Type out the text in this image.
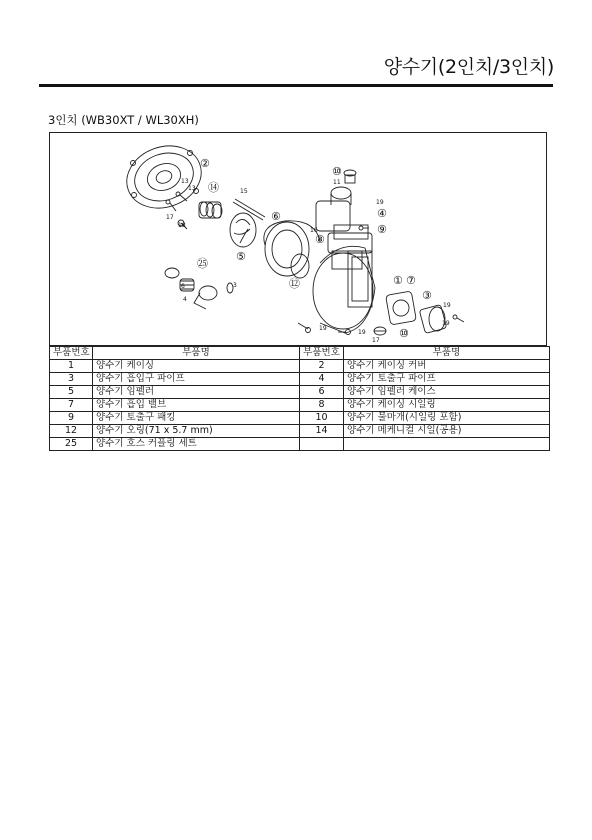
양수기(2인치/3인치)
3인치 (WB30XT / WL30XH)
②
⑭
⑥
⑤
⑧
⑩
④
⑨
⑫
㉕
① ⑦
③
⑩
13
13
17
18
15
16
11
19
6
4
3
19
19
19
17
19
부품번호	부품명	부품번호	부품명
1	양수기 케이싱	2	양수기 케이싱 커버
3	양수기 흡입구 파이프	4	양수기 토출구 파이프
5	양수기 임펠러	6	양수기 임펠러 케이스
7	양수기 흡입 밸브	8	양수기 케이싱 시일링
9	양수기 토출구 패킹	10	양수기 물마개(시일링 포함)
12	양수기 오링(71 x 5.7 mm)	14	양수기 메케니컬 시일(공용)
25	양수기 호스 커플링 세트		
